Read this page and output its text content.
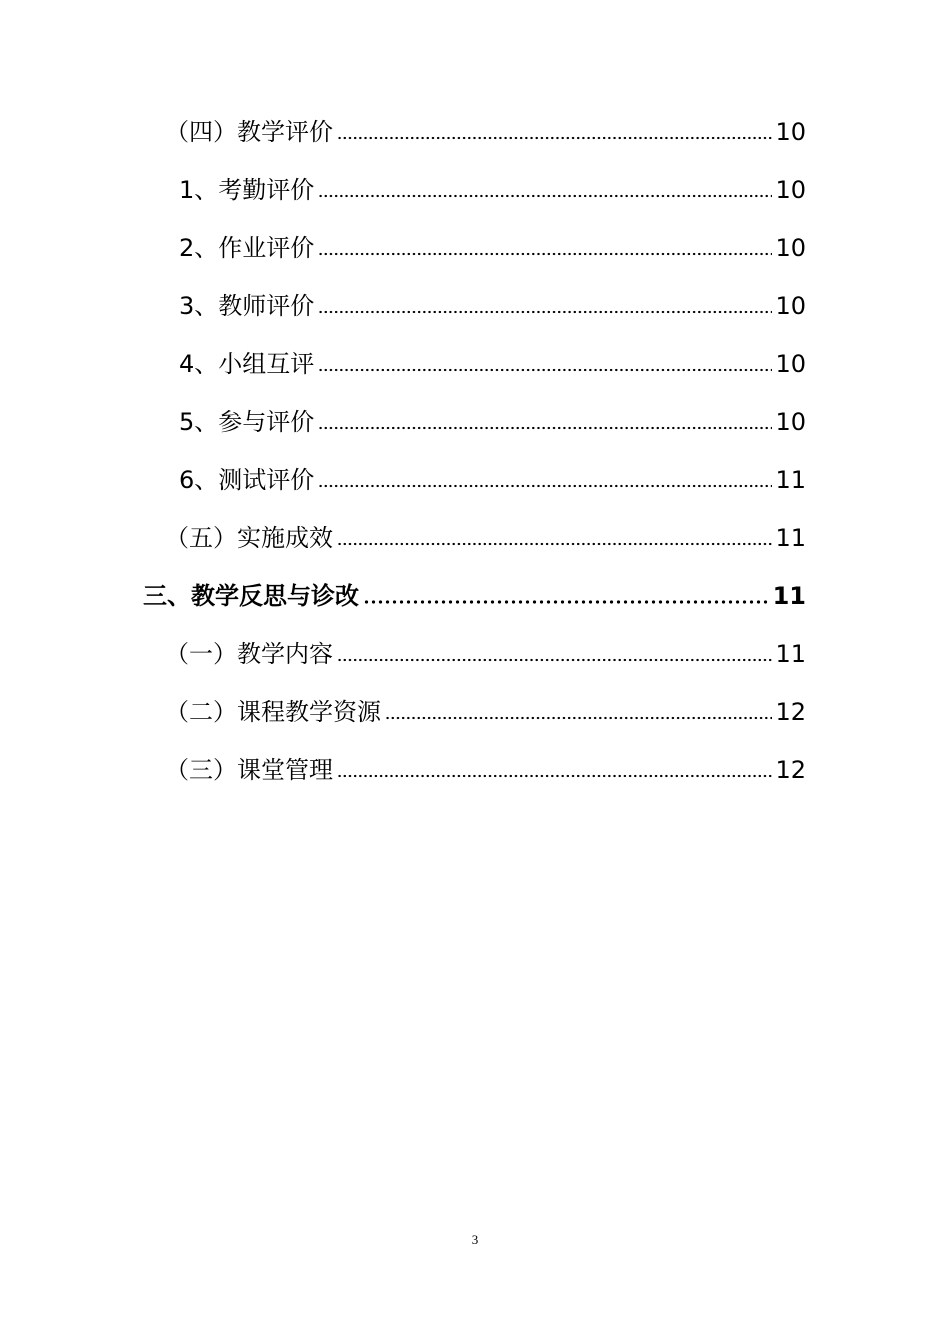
（四）教学评价	10
1、考勤评价	10
2、作业评价	10
3、教师评价	10
4、小组互评	10
5、参与评价	10
6、测试评价	11
（五）实施成效	11
三、教学反思与诊改	11
（一）教学内容	11
（二）课程教学资源	12
（三）课堂管理	12
3
